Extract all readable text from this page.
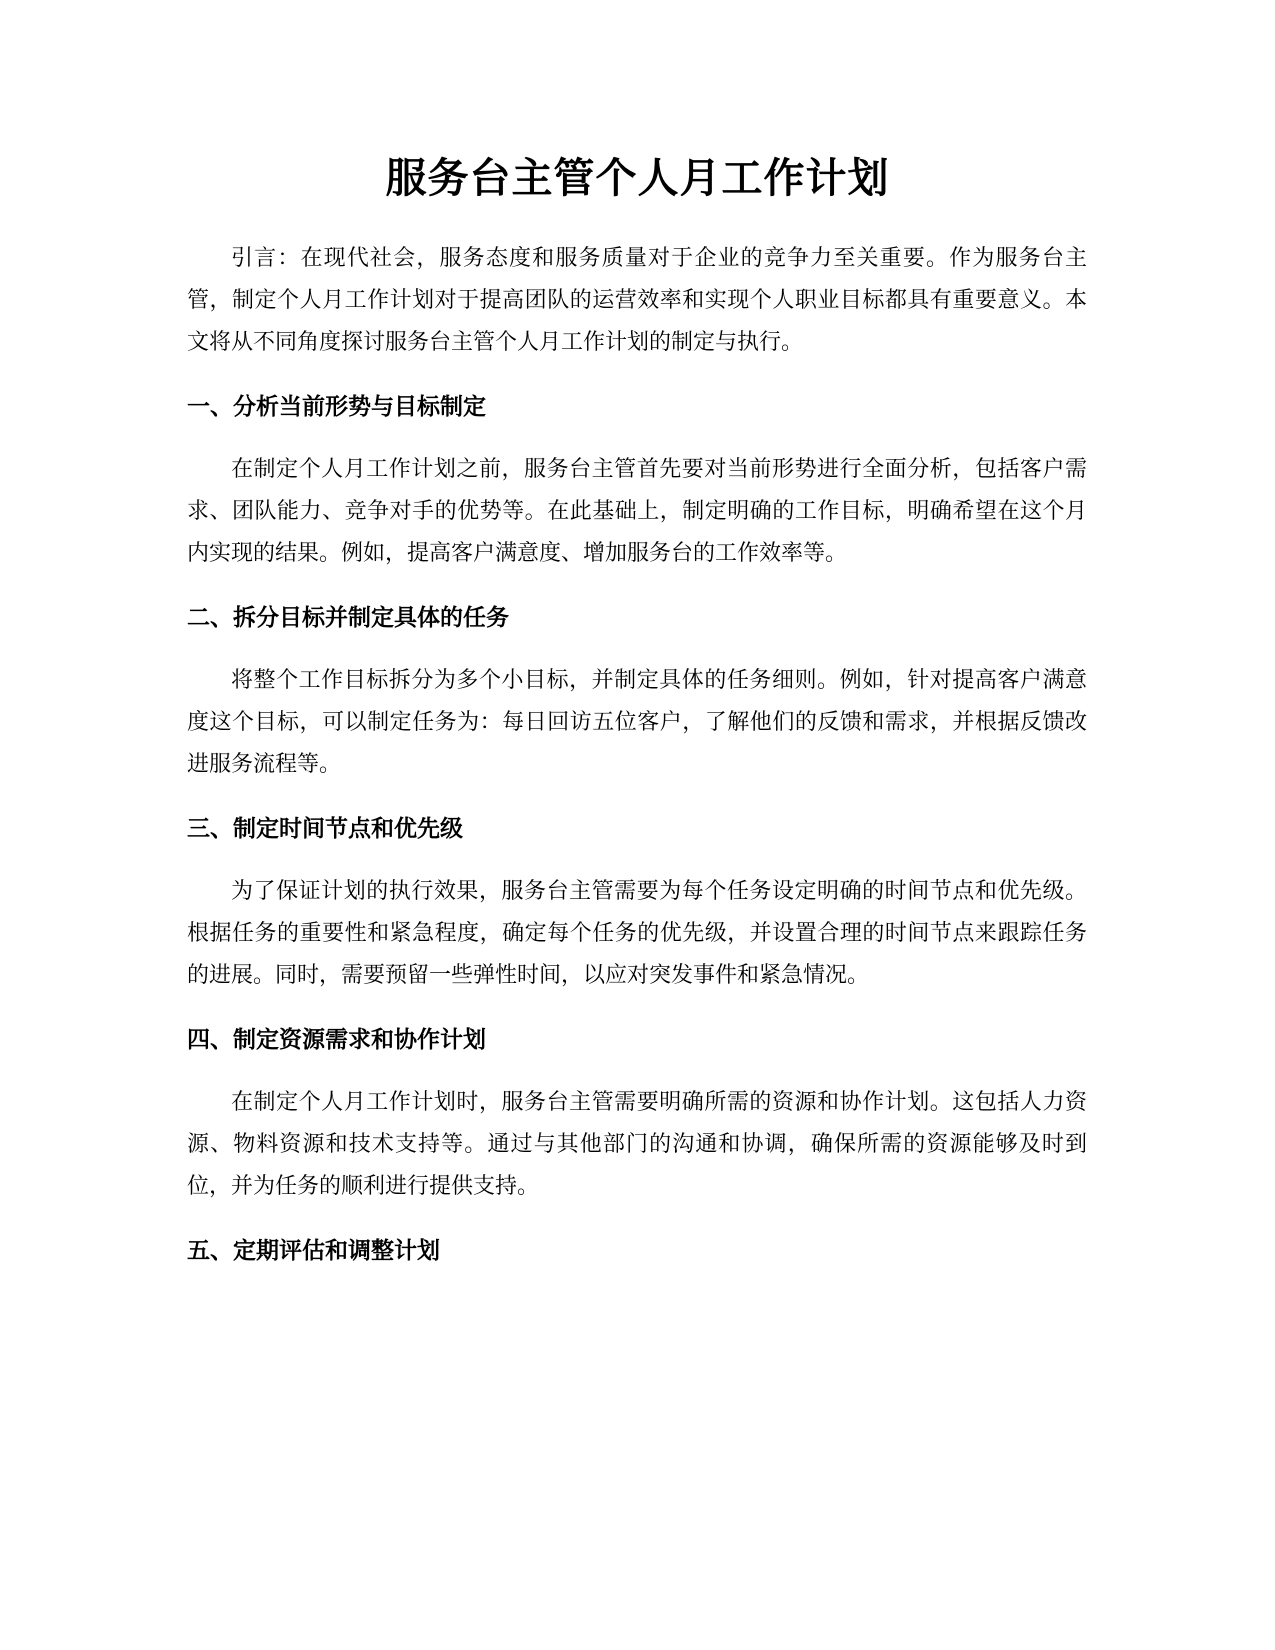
服务台主管个人月工作计划

引言：在现代社会，服务态度和服务质量对于企业的竞争力至关重要。作为服务台主管，制定个人月工作计划对于提高团队的运营效率和实现个人职业目标都具有重要意义。本文将从不同角度探讨服务台主管个人月工作计划的制定与执行。

一、分析当前形势与目标制定

在制定个人月工作计划之前，服务台主管首先要对当前形势进行全面分析，包括客户需求、团队能力、竞争对手的优势等。在此基础上，制定明确的工作目标，明确希望在这个月内实现的结果。例如，提高客户满意度、增加服务台的工作效率等。

二、拆分目标并制定具体的任务

将整个工作目标拆分为多个小目标，并制定具体的任务细则。例如，针对提高客户满意度这个目标，可以制定任务为：每日回访五位客户，了解他们的反馈和需求，并根据反馈改进服务流程等。

三、制定时间节点和优先级

为了保证计划的执行效果，服务台主管需要为每个任务设定明确的时间节点和优先级。根据任务的重要性和紧急程度，确定每个任务的优先级，并设置合理的时间节点来跟踪任务的进展。同时，需要预留一些弹性时间，以应对突发事件和紧急情况。

四、制定资源需求和协作计划

在制定个人月工作计划时，服务台主管需要明确所需的资源和协作计划。这包括人力资源、物料资源和技术支持等。通过与其他部门的沟通和协调，确保所需的资源能够及时到位，并为任务的顺利进行提供支持。

五、定期评估和调整计划
